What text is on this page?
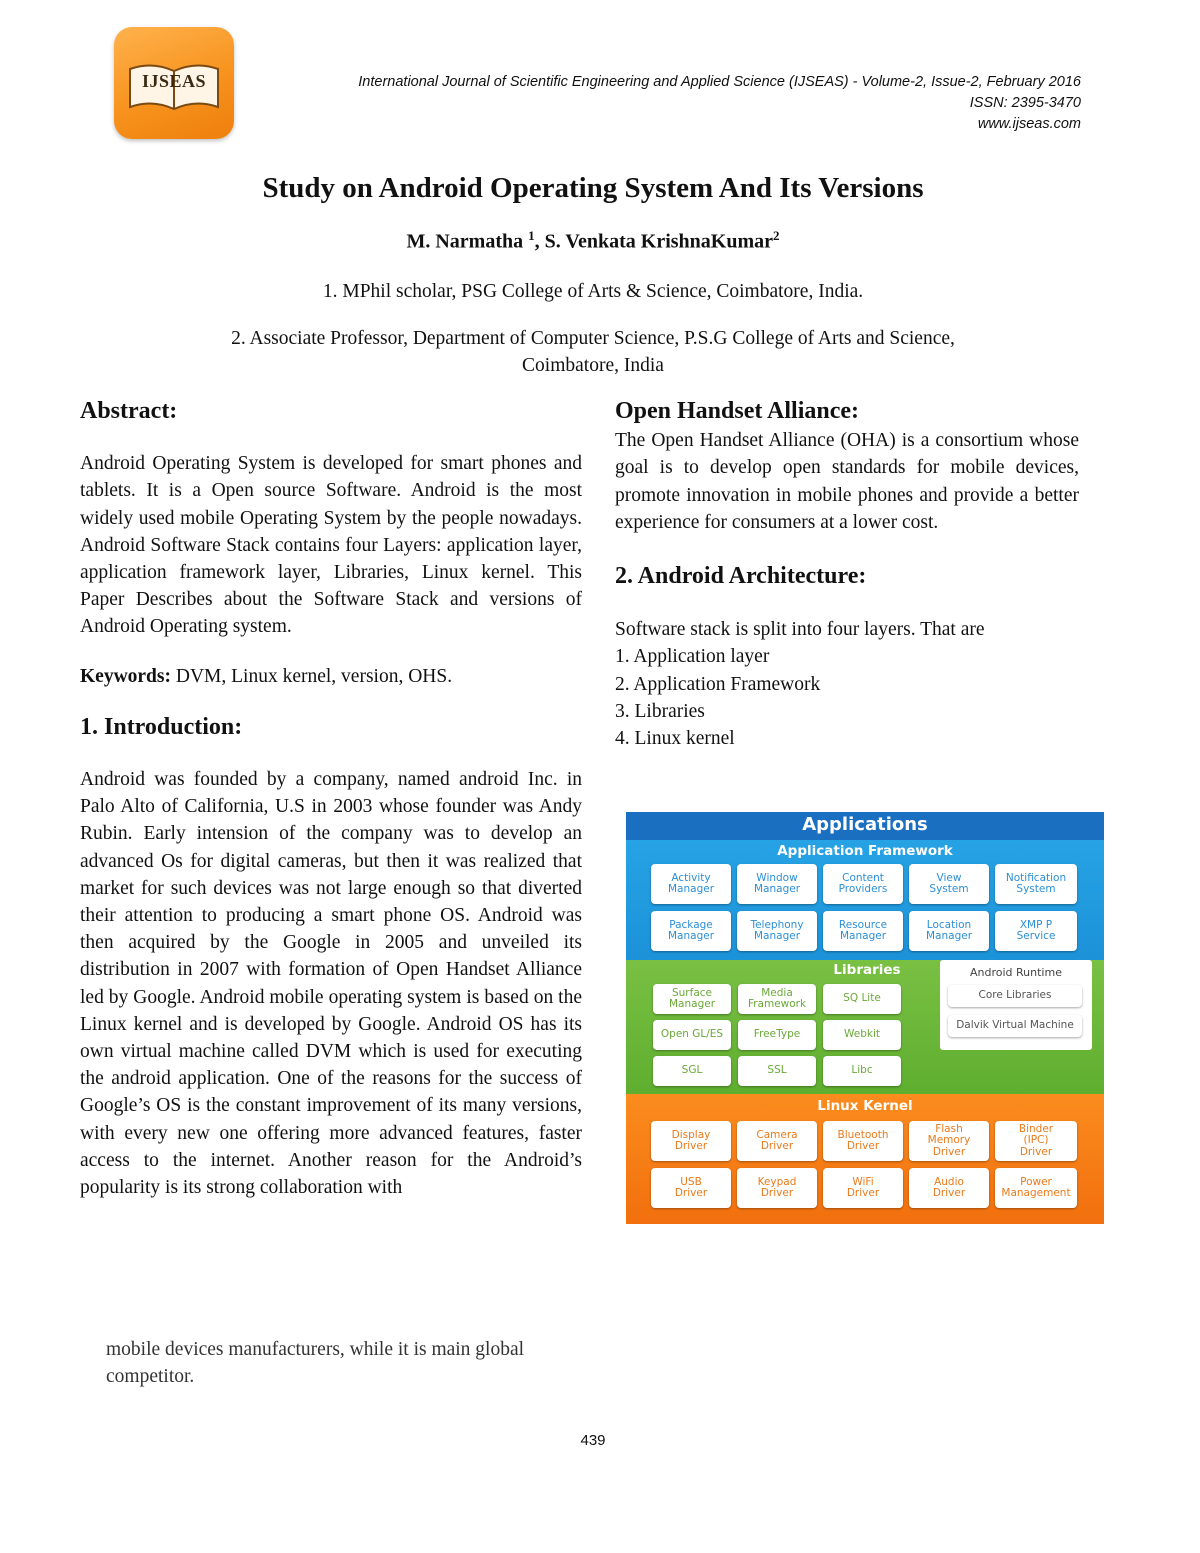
IJSEAS	International Journal of Scientific Engineering and Applied Science (IJSEAS) - Volume-2, Issue-2, February 2016
ISSN: 2395-3470
www.ijseas.com
Study on Android Operating System And Its Versions
M. Narmatha $^1$, S. Venkata KrishnaKumar$^2$
1. MPhil scholar, PSG College of Arts & Science, Coimbatore, India.
2. Associate Professor, Department of Computer Science, P.S.G College of Arts and Science,
Coimbatore, India
Abstract:

Android Operating System is developed for smart phones and tablets. It is a Open source Software. Android is the most widely used mobile Operating System by the people nowadays. Android Software Stack contains four Layers: application layer, application framework layer, Libraries, Linux kernel. This Paper Describes about the Software Stack and versions of Android Operating system.

Keywords: DVM, Linux kernel, version, OHS.

1. Introduction:

Android was founded by a company, named android Inc. in Palo Alto of California, U.S in 2003 whose founder was Andy Rubin. Early intension of the company was to develop an advanced Os for digital cameras, but then it was realized that market for such devices was not large enough so that diverted their attention to producing a smart phone OS. Android was then acquired by the Google in 2005 and unveiled its distribution in 2007 with formation of Open Handset Alliance led by Google. Android mobile operating system is based on the Linux kernel and is developed by Google. Android OS has its own virtual machine called DVM which is used for executing the android application. One of the reasons for the success of Google’s OS is the constant improvement of its many versions, with every new one offering more advanced features, faster access to the internet. Another reason for the Android’s popularity is its strong collaboration with

mobile devices manufacturers, while it is main global competitor.

Open Handset Alliance:

The Open Handset Alliance (OHA) is a consortium whose goal is to develop open standards for mobile devices, promote innovation in mobile phones and provide a better experience for consumers at a lower cost.

2. Android Architecture:

Software stack is split into four layers. That are

1. Application layer
2. Application Framework
3. Libraries
4. Linux kernel
Applications
Application Framework
Activity
Manager
Window
Manager
Content
Providers
View
System
Notification
System
Package
Manager
Telephony
Manager
Resource
Manager
Location
Manager
XMP P
Service
Libraries
Surface
Manager
Media
Framework	SQ Lite
Open GL/ES	FreeType	Webkit
SGL	SSL	Libc
Android Runtime
Core Libraries
Dalvik Virtual Machine
Linux Kernel
Display
Driver
Camera
Driver
Bluetooth
Driver
Flash
Memory
Driver
Binder
(IPC)
Driver
USB
Driver
Keypad
Driver
WiFi
Driver
Audio
Driver
Power
Management
439
